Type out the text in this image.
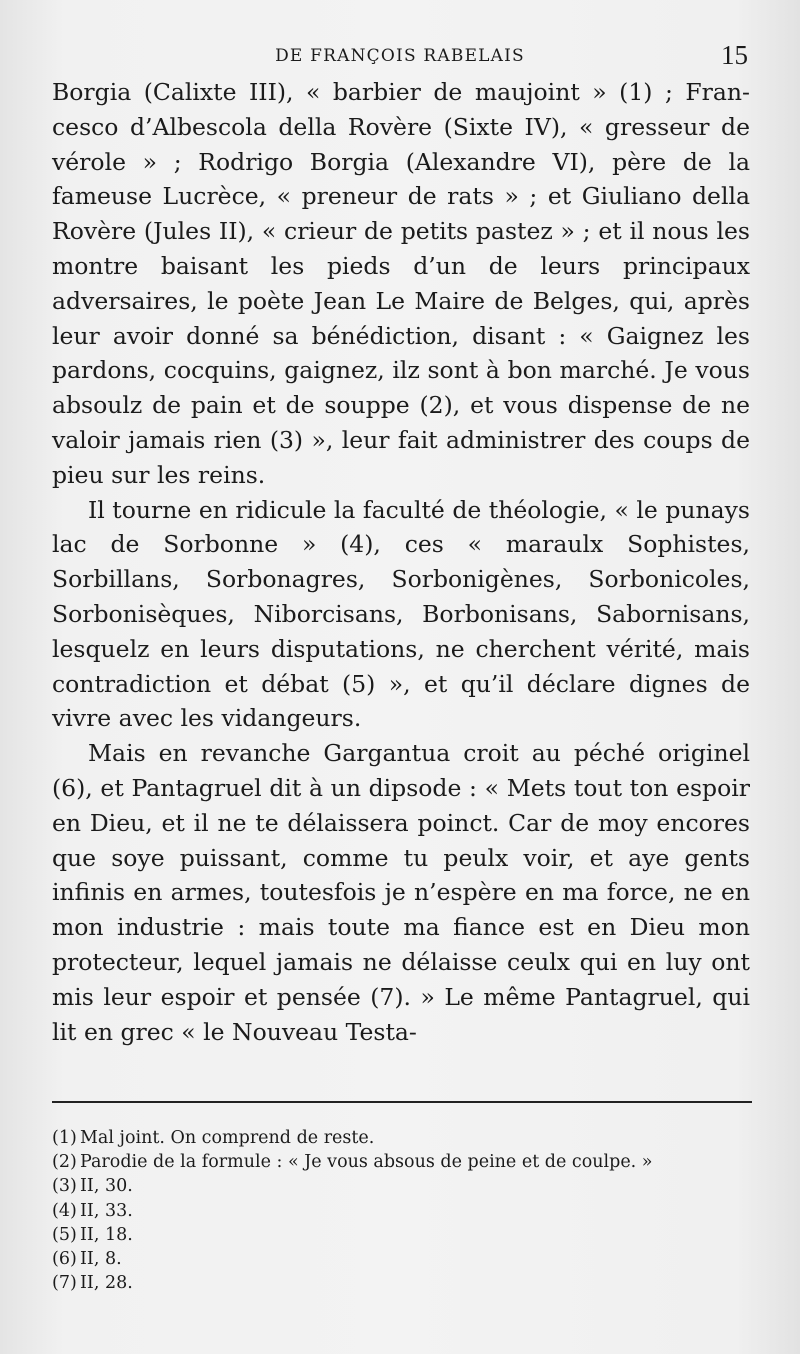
DE FRANÇOIS RABELAIS	15

Borgia (Calixte III), « barbier de maujoint » (1) ; Francesco d’Albescola della Rovère (Sixte IV), « gresseur de vérole » ; Rodrigo Borgia (Alexandre VI), père de la fameuse Lucrèce, « preneur de rats » ; et Giuliano della Rovère (Jules II), « crieur de petits pastez » ; et il nous les montre baisant les pieds d’un de leurs principaux adversaires, le poète Jean Le Maire de Belges, qui, après leur avoir donné sa bénédiction, disant : « Gaignez les pardons, cocquins, gaignez, ilz sont à bon marché. Je vous absoulz de pain et de souppe (2), et vous dispense de ne valoir jamais rien (3) », leur fait administrer des coups de pieu sur les reins.

Il tourne en ridicule la faculté de théologie, « le punays lac de Sorbonne » (4), ces « maraulx Sophistes, Sorbillans, Sorbonagres, Sorbonigènes, Sorbonicoles, Sorbonisèques, Niborcisans, Borbonisans, Sabornisans, lesquelz en leurs disputations, ne cherchent vérité, mais contradiction et débat (5) », et qu’il déclare dignes de vivre avec les vidangeurs.

Mais en revanche Gargantua croit au péché originel (6), et Pantagruel dit à un dipsode : « Mets tout ton espoir en Dieu, et il ne te délaissera poinct. Car de moy encores que soye puissant, comme tu peulx voir, et aye gents infinis en armes, toutesfois je n’espère en ma force, ne en mon industrie : mais toute ma fiance est en Dieu mon protecteur, lequel jamais ne délaisse ceulx qui en luy ont mis leur espoir et pensée (7). » Le même Pantagruel, qui lit en grec « le Nouveau Testa-

(1) Mal joint. On comprend de reste.

(2) Parodie de la formule : « Je vous absous de peine et de coulpe. »

(3) II, 30.

(4) II, 33.

(5) II, 18.

(6) II, 8.

(7) II, 28.
